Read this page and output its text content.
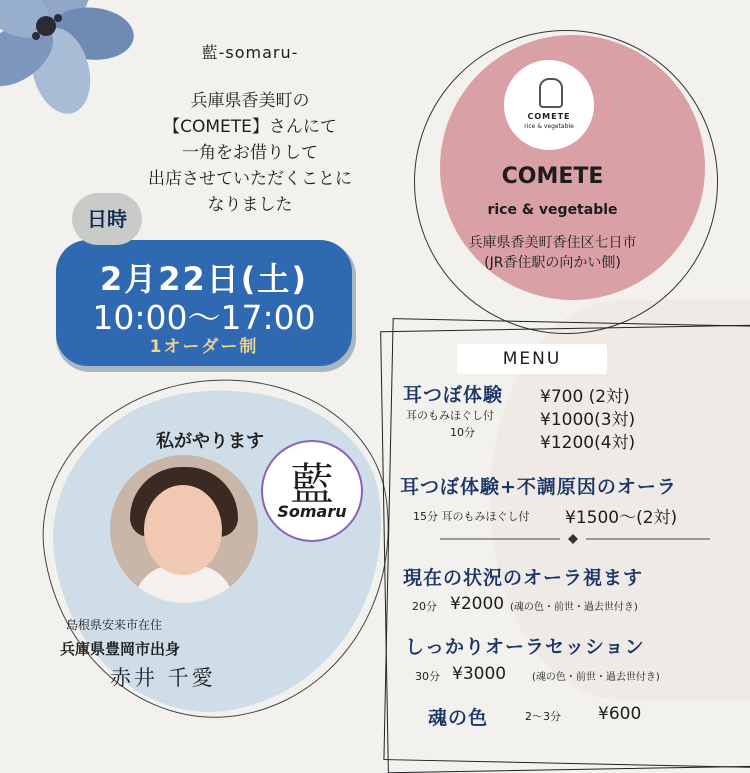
藍-somaru-
兵庫県香美町の
【COMETE】さんにて
一角をお借りして
出店させていただくことに
なりました
2月22日(土)
10:00～17:00
1オーダー制
日時
COMETE
rice & vegetable
COMETE
rice & vegetable
兵庫県香美町香住区七日市
(JR香住駅の向かい側)
MENU
耳つぼ体験
耳のもみほぐし付
10分
¥700 (2対)
¥1000(3対)
¥1200(4対)
耳つぼ体験+不調原因のオーラ
15分 耳のもみほぐし付 ¥1500～(2対)
現在の状況のオーラ視ます
20分 ¥2000 (魂の色・前世・過去世付き)
しっかりオーラセッション
30分 ¥3000	(魂の色・前世・過去世付き)
魂の色	2～3分 ¥600
私がやります
藍
Somaru
島根県安来市在住
兵庫県豊岡市出身
赤井 千愛
